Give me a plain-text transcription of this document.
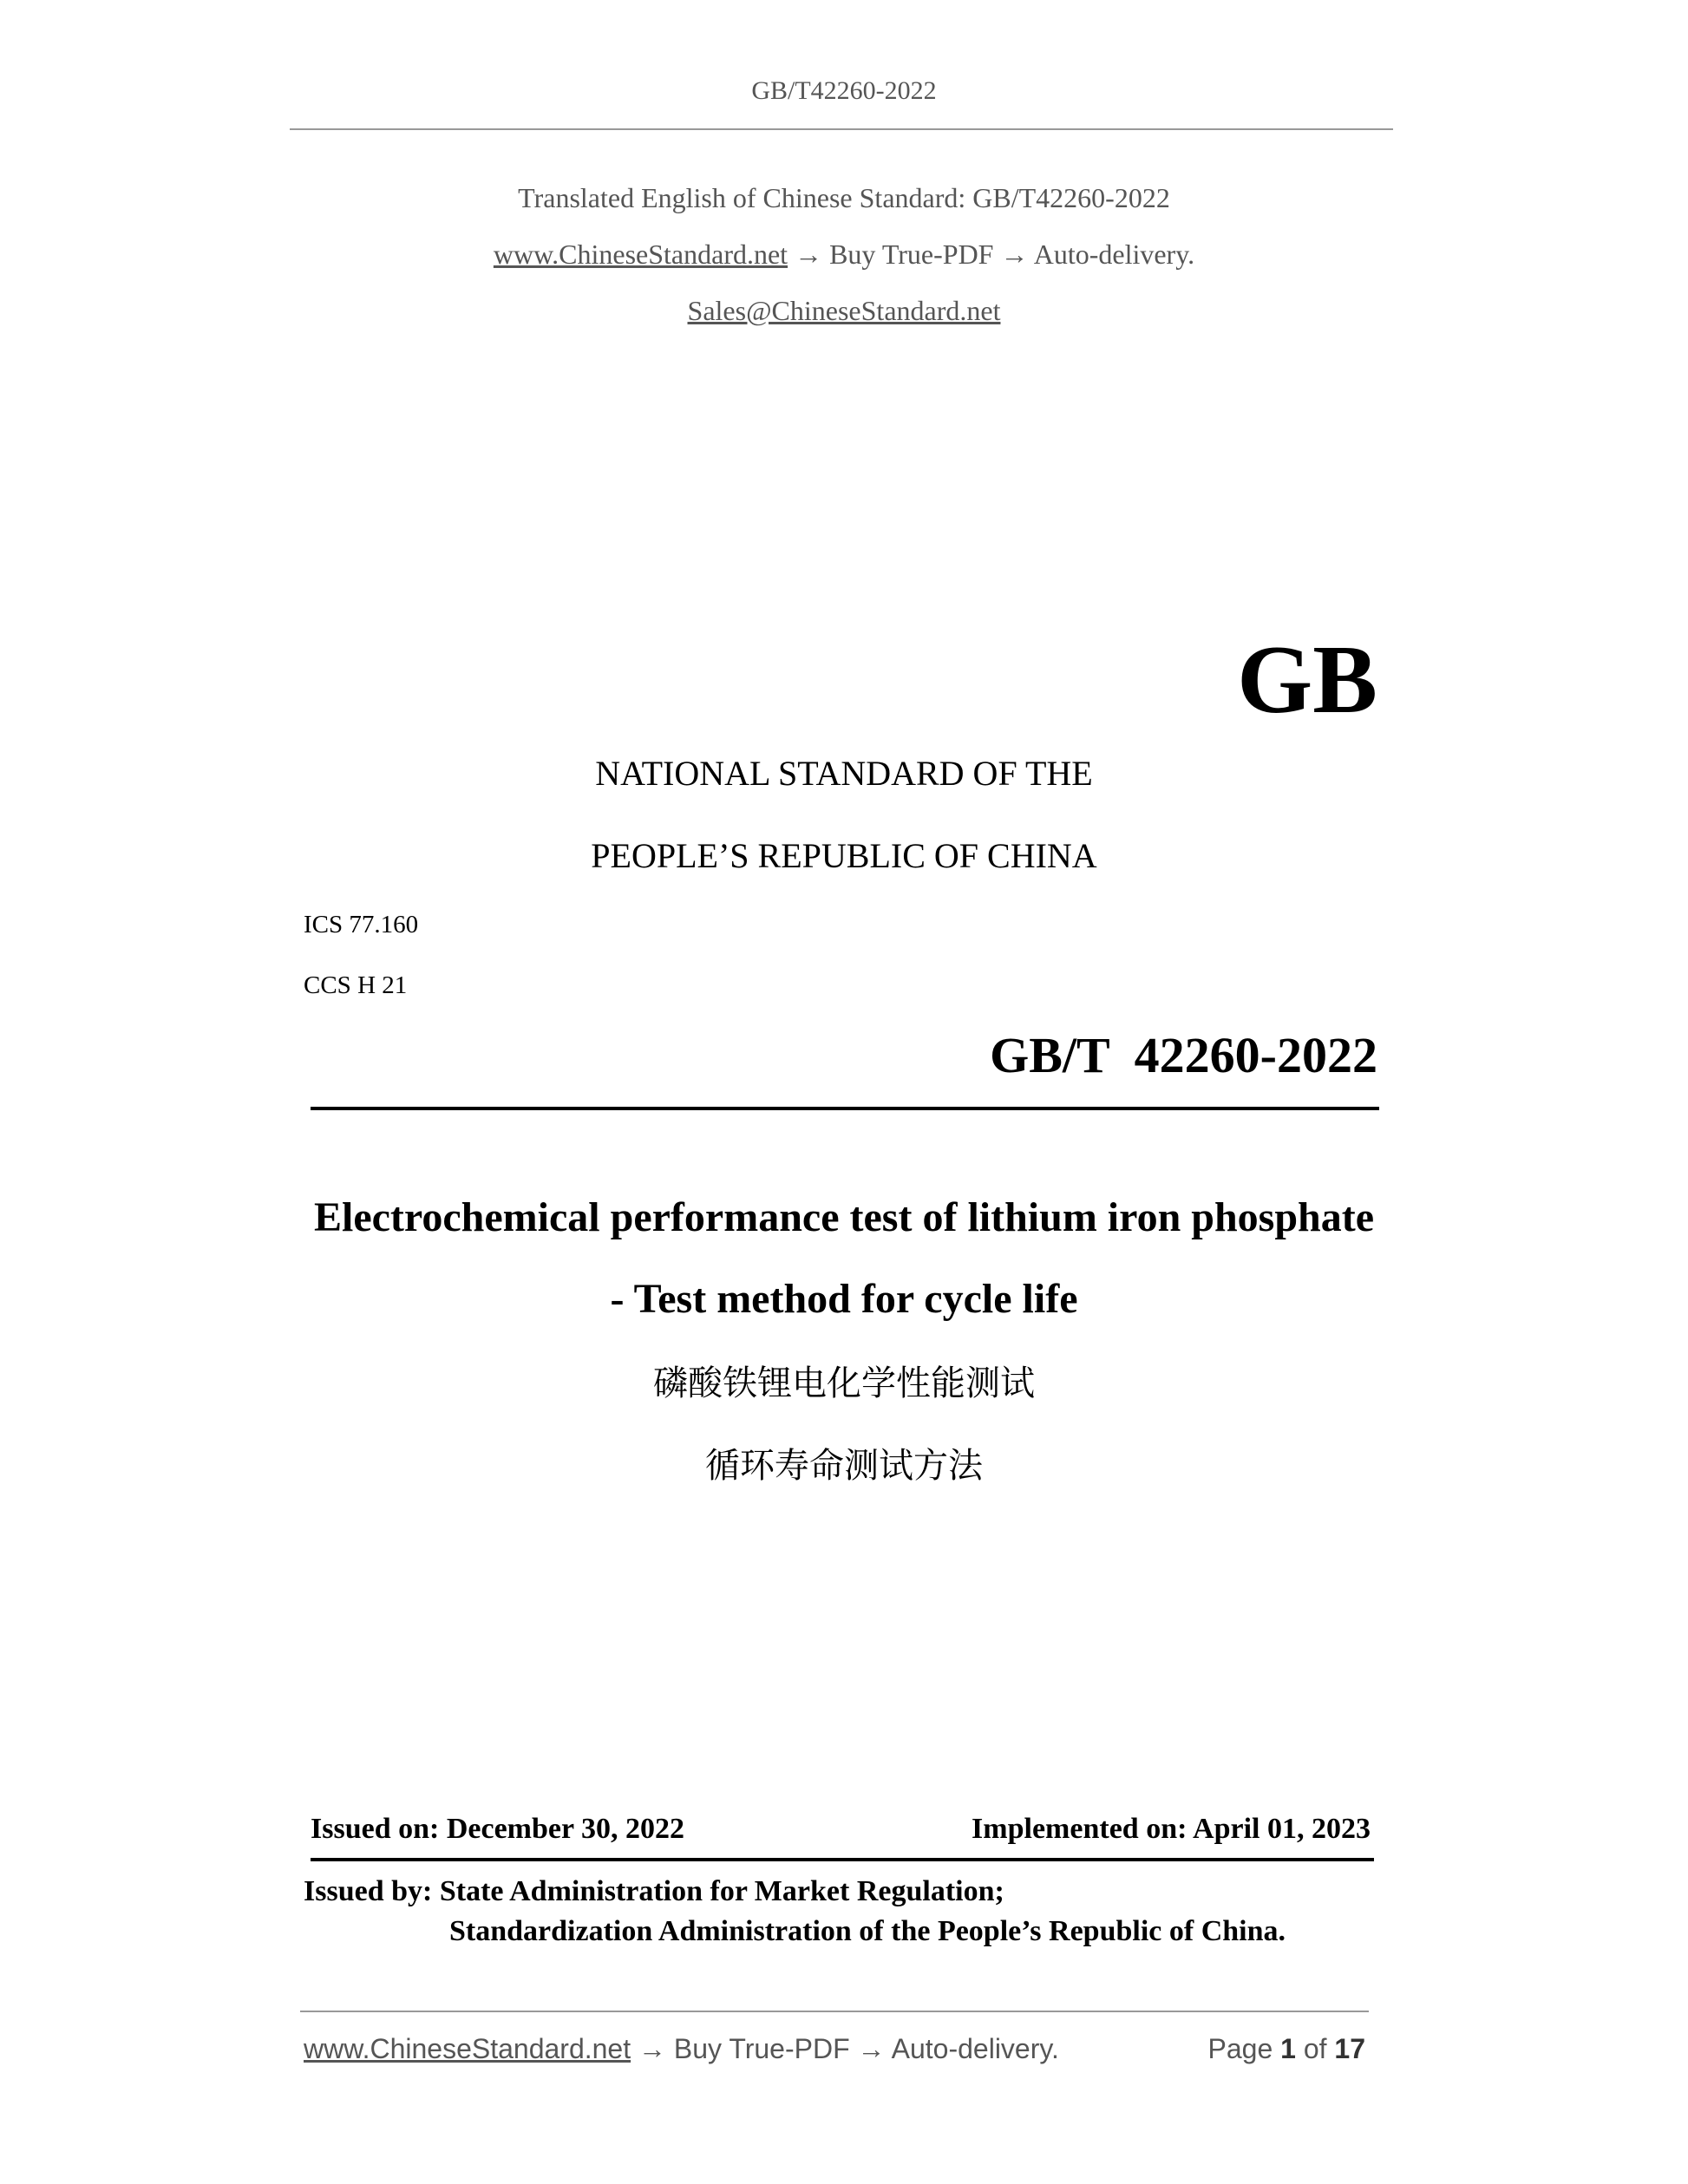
GB/T42260-2022
Translated English of Chinese Standard: GB/T42260-2022
www.ChineseStandard.net → Buy True-PDF → Auto-delivery.
Sales@ChineseStandard.net
GB
NATIONAL STANDARD OF THE
PEOPLE’S REPUBLIC OF CHINA
ICS 77.160
CCS H 21
GB/T  42260-2022
Electrochemical performance test of lithium iron phosphate
- Test method for cycle life
磷酸铁锂电化学性能测试
循环寿命测试方法
Issued on: December 30, 2022	Implemented on: April 01, 2023
Issued by: State Administration for Market Regulation;
Standardization Administration of the People’s Republic of China.
www.ChineseStandard.net → Buy True-PDF → Auto-delivery.	Page 1 of 17
